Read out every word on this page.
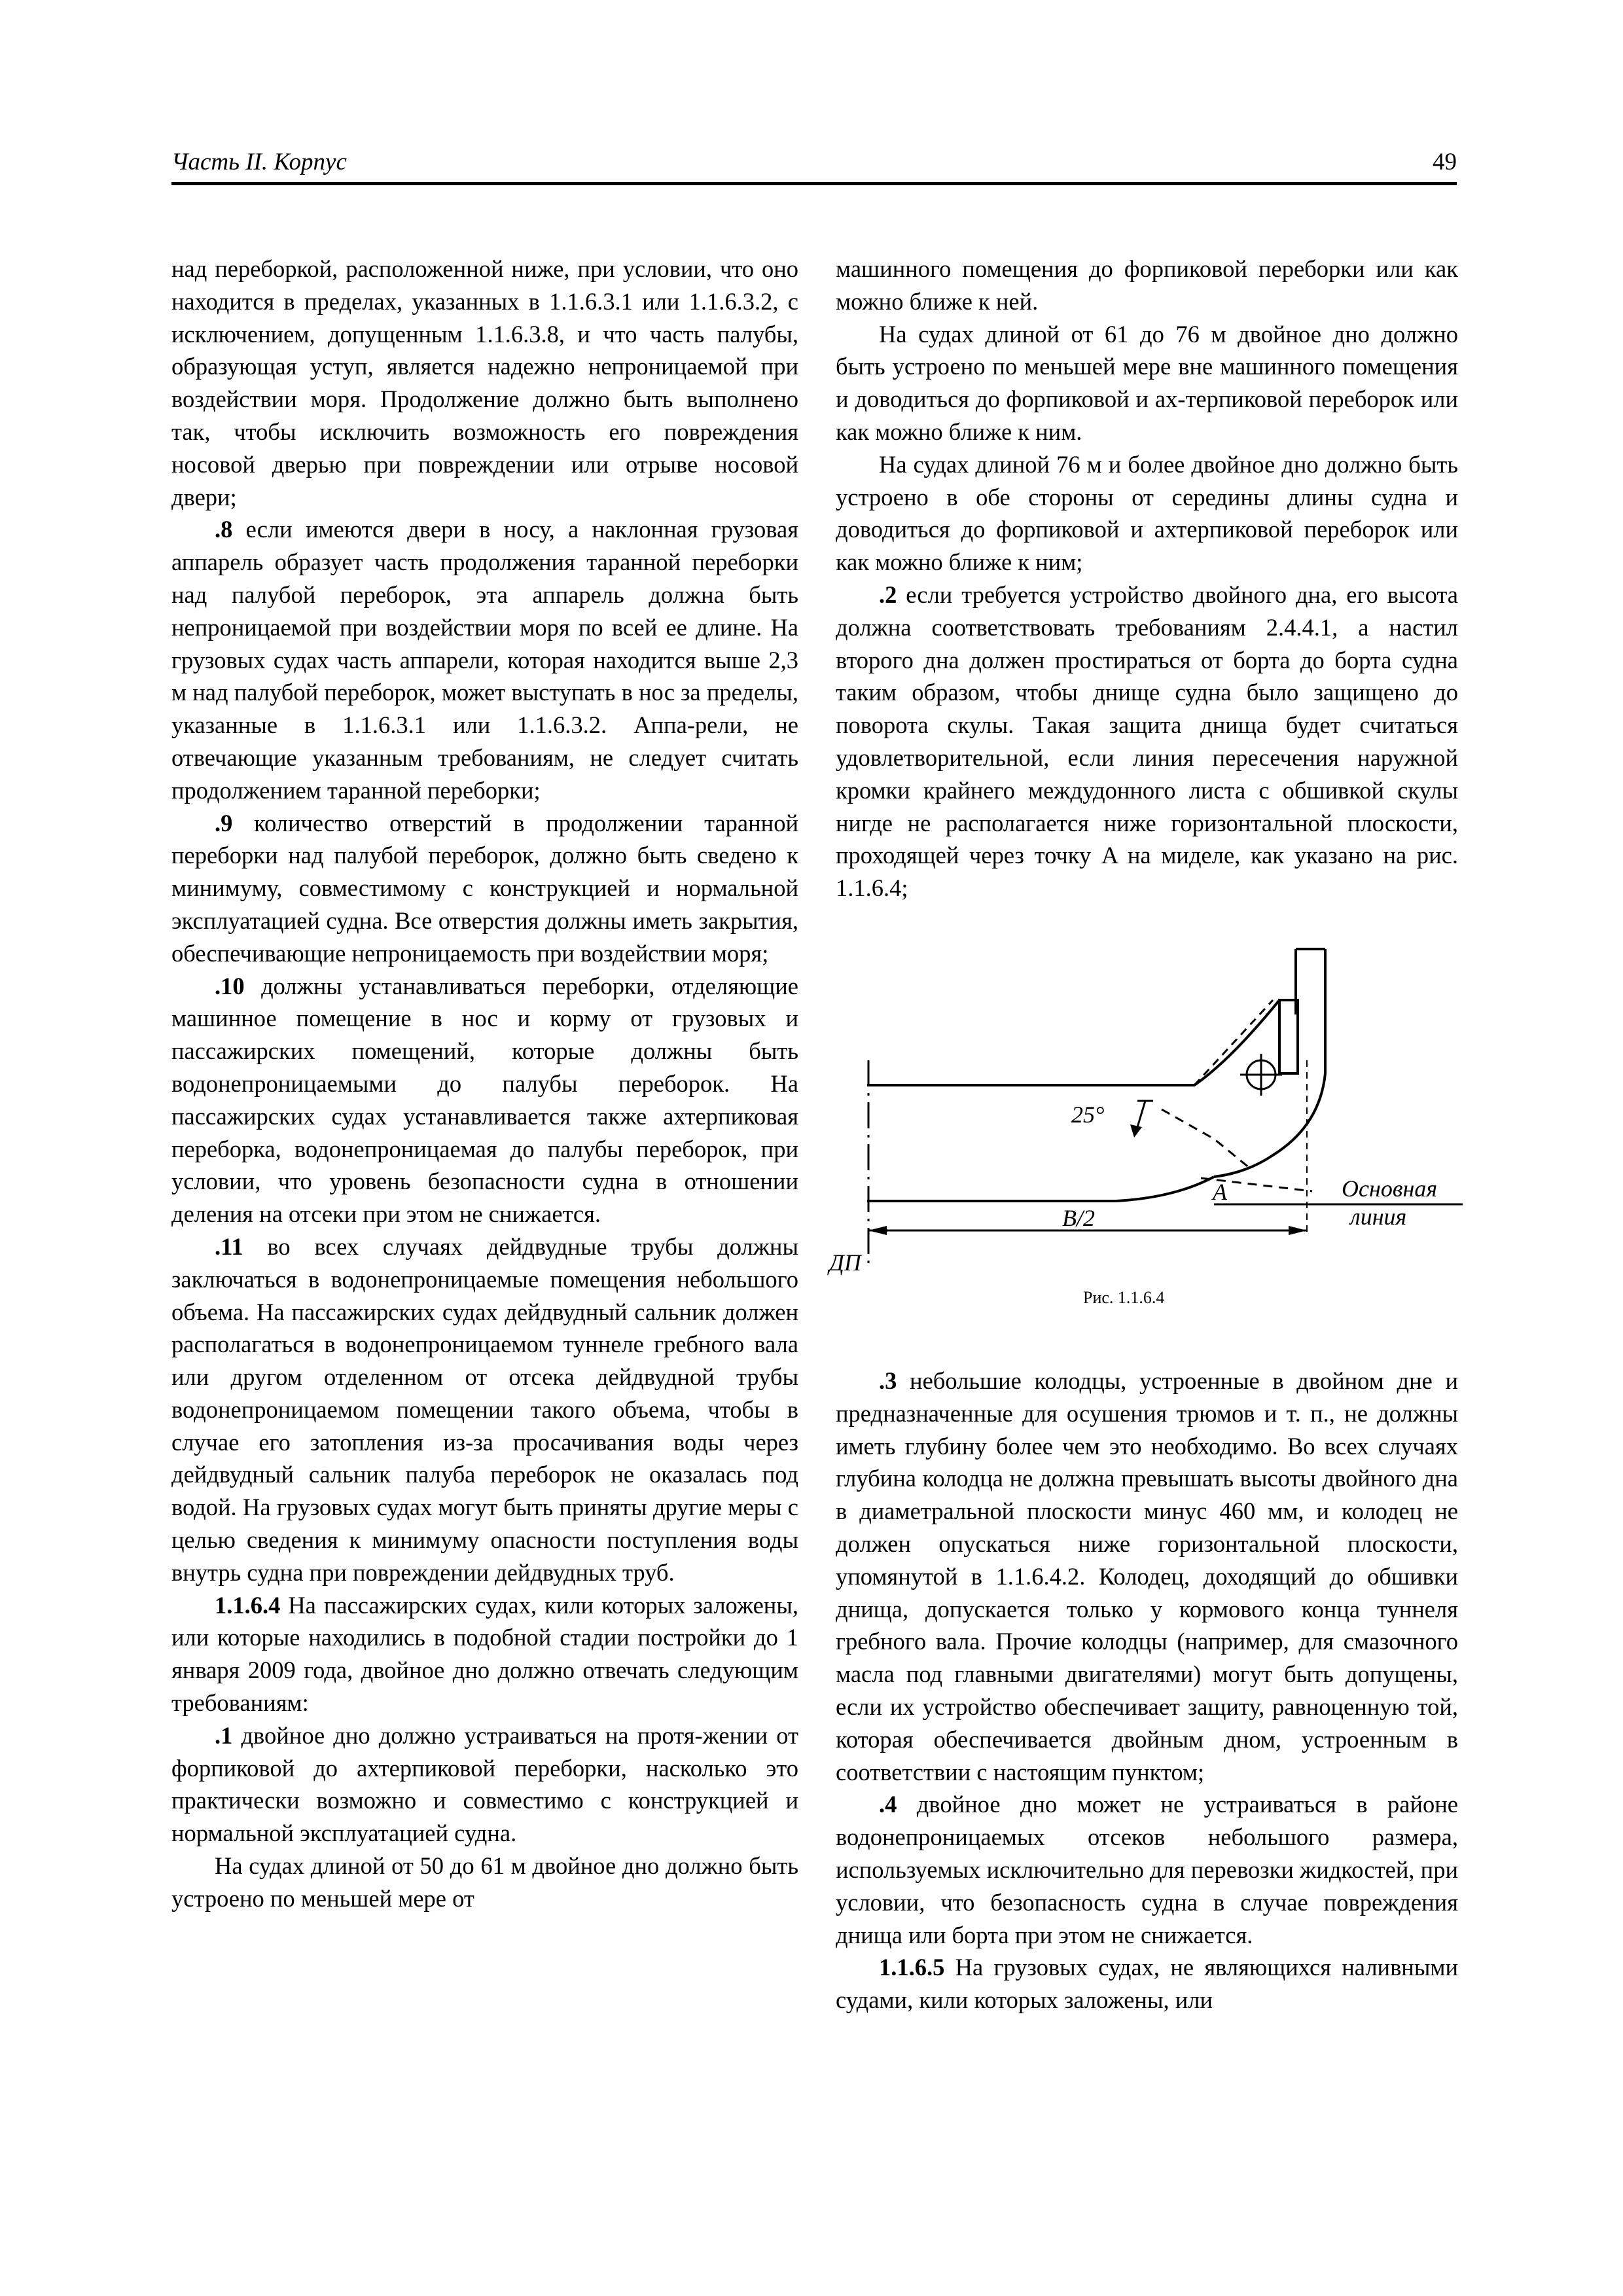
Часть II. Корпус	49

над переборкой, расположенной ниже, при условии, что оно находится в пределах, указанных в 1.1.6.3.1 или 1.1.6.3.2, с исключением, допущенным 1.1.6.3.8, и что часть палубы, образующая уступ, является надежно непроницаемой при воздействии моря. Продолжение должно быть выполнено так, чтобы исключить возможность его повреждения носовой дверью при повреждении или отрыве носовой двери;

.8 если имеются двери в носу, а наклонная грузовая аппарель образует часть продолжения таранной переборки над палубой переборок, эта аппарель должна быть непроницаемой при воздействии моря по всей ее длине. На грузовых судах часть аппарели, которая находится выше 2,3 м над палубой переборок, может выступать в нос за пределы, указанные в 1.1.6.3.1 или 1.1.6.3.2. Аппа-рели, не отвечающие указанным требованиям, не следует считать продолжением таранной переборки;

.9 количество отверстий в продолжении таранной переборки над палубой переборок, должно быть сведено к минимуму, совместимому с конструкцией и нормальной эксплуатацией судна. Все отверстия должны иметь закрытия, обеспечивающие непроницаемость при воздействии моря;

.10 должны устанавливаться переборки, отделяющие машинное помещение в нос и корму от грузовых и пассажирских помещений, которые должны быть водонепроницаемыми до палубы переборок. На пассажирских судах устанавливается также ахтерпиковая переборка, водонепроницаемая до палубы переборок, при условии, что уровень безопасности судна в отношении деления на отсеки при этом не снижается.

.11 во всех случаях дейдвудные трубы должны заключаться в водонепроницаемые помещения небольшого объема. На пассажирских судах дейдвудный сальник должен располагаться в водонепроницаемом туннеле гребного вала или другом отделенном от отсека дейдвудной трубы водонепроницаемом помещении такого объема, чтобы в случае его затопления из-за просачивания воды через дейдвудный сальник палуба переборок не оказалась под водой. На грузовых судах могут быть приняты другие меры с целью сведения к минимуму опасности поступления воды внутрь судна при повреждении дейдвудных труб.

1.1.6.4 На пассажирских судах, кили которых заложены, или которые находились в подобной стадии постройки до 1 января 2009 года, двойное дно должно отвечать следующим требованиям:

.1 двойное дно должно устраиваться на протя-жении от форпиковой до ахтерпиковой переборки, насколько это практически возможно и совместимо с конструкцией и нормальной эксплуатацией судна.

На судах длиной от 50 до 61 м двойное дно должно быть устроено по меньшей мере от

машинного помещения до форпиковой переборки или как можно ближе к ней.

На судах длиной от 61 до 76 м двойное дно должно быть устроено по меньшей мере вне машинного помещения и доводиться до форпиковой и ах-терпиковой переборок или как можно ближе к ним.

На судах длиной 76 м и более двойное дно должно быть устроено в обе стороны от середины длины судна и доводиться до форпиковой и ахтерпиковой переборок или как можно ближе к ним;

.2 если требуется устройство двойного дна, его высота должна соответствовать требованиям 2.4.4.1, а настил второго дна должен простираться от борта до борта судна таким образом, чтобы днище судна было защищено до поворота скулы. Такая защита днища будет считаться удовлетворительной, если линия пересечения наружной кромки крайнего междудонного листа с обшивкой скулы нигде не располагается ниже горизонтальной плоскости, проходящей через точку A на миделе, как указано на рис. 1.1.6.4;

25°
A
B/2
Основная
линия
ДП
Рис. 1.1.6.4

.3 небольшие колодцы, устроенные в двойном дне и предназначенные для осушения трюмов и т. п., не должны иметь глубину более чем это необходимо. Во всех случаях глубина колодца не должна превышать высоты двойного дна в диаметральной плоскости минус 460 мм, и колодец не должен опускаться ниже горизонтальной плоскости, упомянутой в 1.1.6.4.2. Колодец, доходящий до обшивки днища, допускается только у кормового конца туннеля гребного вала. Прочие колодцы (например, для смазочного масла под главными двигателями) могут быть допущены, если их устройство обеспечивает защиту, равноценную той, которая обеспечивается двойным дном, устроенным в соответствии с настоящим пунктом;

.4 двойное дно может не устраиваться в районе водонепроницаемых отсеков небольшого размера, используемых исключительно для перевозки жидкостей, при условии, что безопасность судна в случае повреждения днища или борта при этом не снижается.

1.1.6.5 На грузовых судах, не являющихся наливными судами, кили которых заложены, или
